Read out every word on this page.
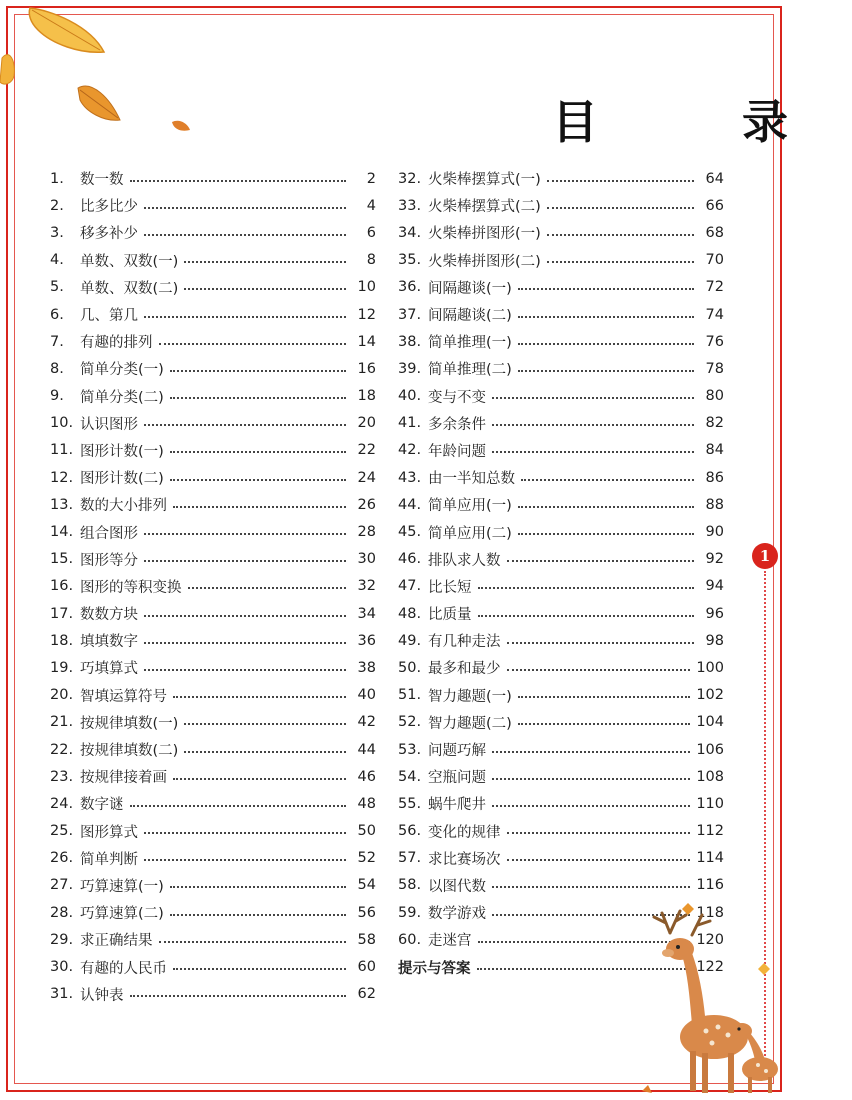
目 录
1.	数一数	2
2.	比多比少	4
3.	移多补少	6
4.	单数、双数(一)	8
5.	单数、双数(二)	10
6.	几、第几	12
7.	有趣的排列	14
8.	简单分类(一)	16
9.	简单分类(二)	18
10. 认识图形	20
11. 图形计数(一)	22
12. 图形计数(二)	24
13. 数的大小排列	26
14. 组合图形	28
15. 图形等分	30
16. 图形的等积变换	32
17. 数数方块	34
18. 填填数字	36
19. 巧填算式	38
20. 智填运算符号	40
21. 按规律填数(一)	42
22. 按规律填数(二)	44
23. 按规律接着画	46
24. 数字谜	48
25. 图形算式	50
26. 简单判断	52
27. 巧算速算(一)	54
28. 巧算速算(二)	56
29. 求正确结果	58
30. 有趣的人民币	60
31. 认钟表	62
32. 火柴棒摆算式(一)	64
33. 火柴棒摆算式(二)	66
34. 火柴棒拼图形(一)	68
35. 火柴棒拼图形(二)	70
36. 间隔趣谈(一)	72
37. 间隔趣谈(二)	74
38. 简单推理(一)	76
39. 简单推理(二)	78
40. 变与不变	80
41. 多余条件	82
42. 年龄问题	84
43. 由一半知总数	86
44. 简单应用(一)	88
45. 简单应用(二)	90
46. 排队求人数	92
47. 比长短	94
48. 比质量	96
49. 有几种走法	98
50. 最多和最少	100
51. 智力趣题(一)	102
52. 智力趣题(二)	104
53. 问题巧解	106
54. 空瓶问题	108
55. 蜗牛爬井	110
56. 变化的规律	112
57. 求比赛场次	114
58. 以图代数	116
59. 数学游戏	118
60. 走迷宫	120
提示与答案	122
1
